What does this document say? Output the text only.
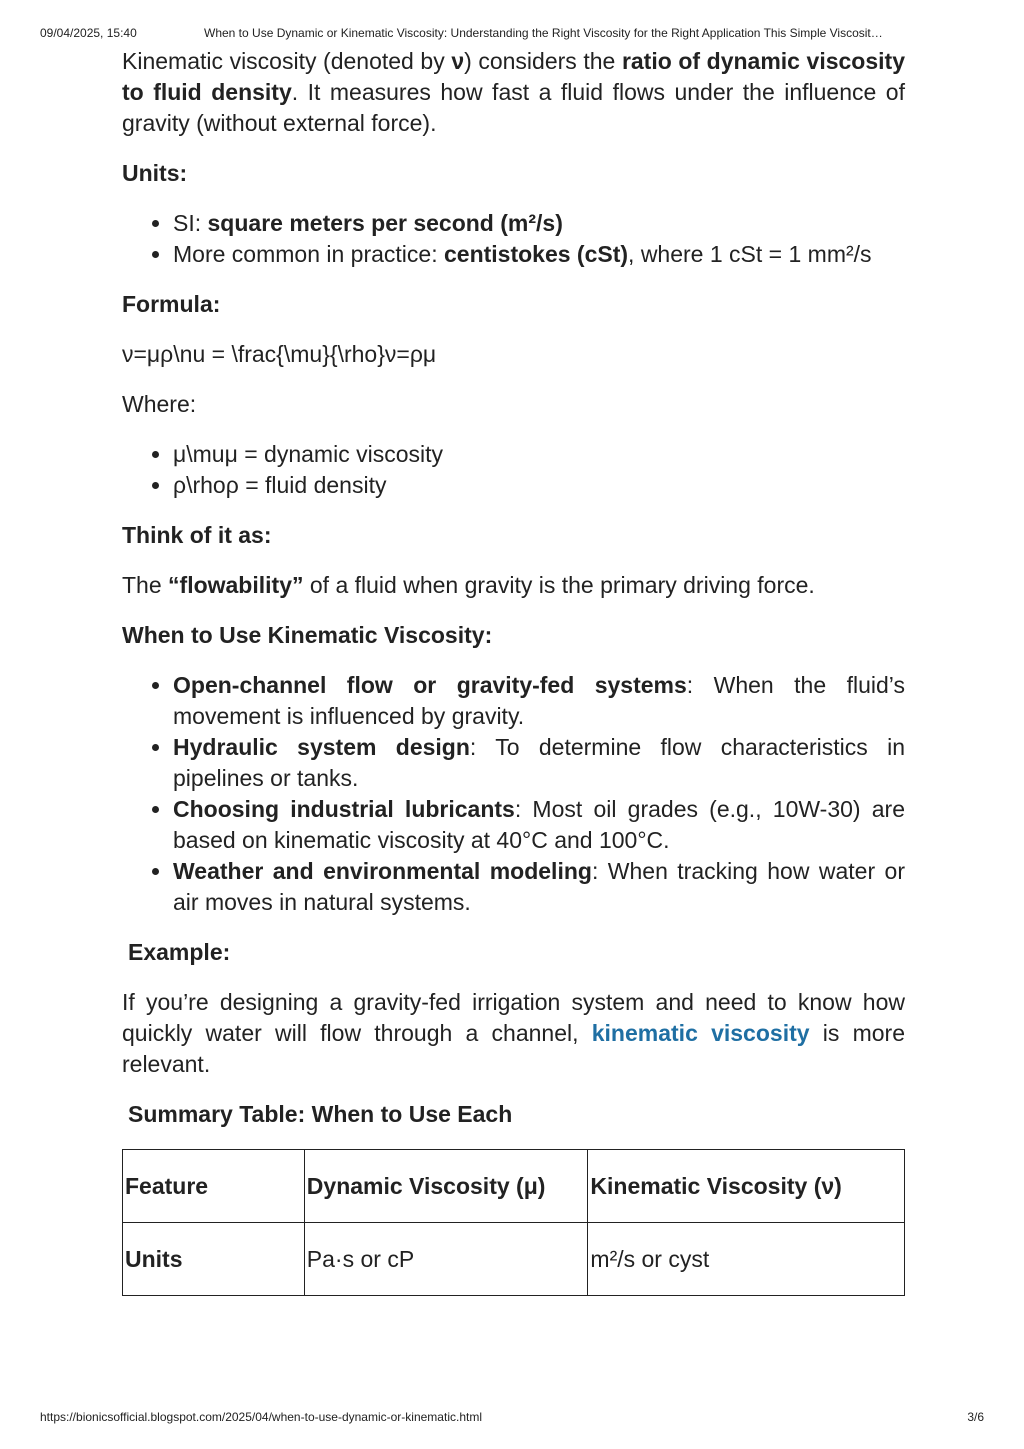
09/04/2025, 15:40	When to Use Dynamic or Kinematic Viscosity: Understanding the Right Viscosity for the Right Application This Simple Viscosit…

Kinematic viscosity (denoted by ν) considers the ratio of dynamic viscosity to fluid density. It measures how fast a fluid flows under the influence of gravity (without external force).

Units:
• SI: square meters per second (m²/s)
• More common in practice: centistokes (cSt), where 1 cSt = 1 mm²/s
Formula:

ν=μρ\nu = \frac{\mu}{\rho}ν=ρμ​

Where:

• μ\muμ = dynamic viscosity
• ρ\rhoρ = fluid density
Think of it as:

The “flowability” of a fluid when gravity is the primary driving force.

When to Use Kinematic Viscosity:
• Open-channel flow or gravity-fed systems: When the fluid’s movement is influenced by gravity.
• Hydraulic system design: To determine flow characteristics in pipelines or tanks.
• Choosing industrial lubricants: Most oil grades (e.g., 10W-30) are based on kinematic viscosity at 40°C and 100°C.
• Weather and environmental modeling: When tracking how water or air moves in natural systems.
Example:

If you’re designing a gravity-fed irrigation system and need to know how quickly water will flow through a channel, kinematic viscosity is more relevant.

Summary Table: When to Use Each
Feature	Dynamic Viscosity (μ)	Kinematic Viscosity (ν)
Units	Pa·s or cP	m²/s or cyst
https://bionicsofficial.blogspot.com/2025/04/when-to-use-dynamic-or-kinematic.html	3/6
